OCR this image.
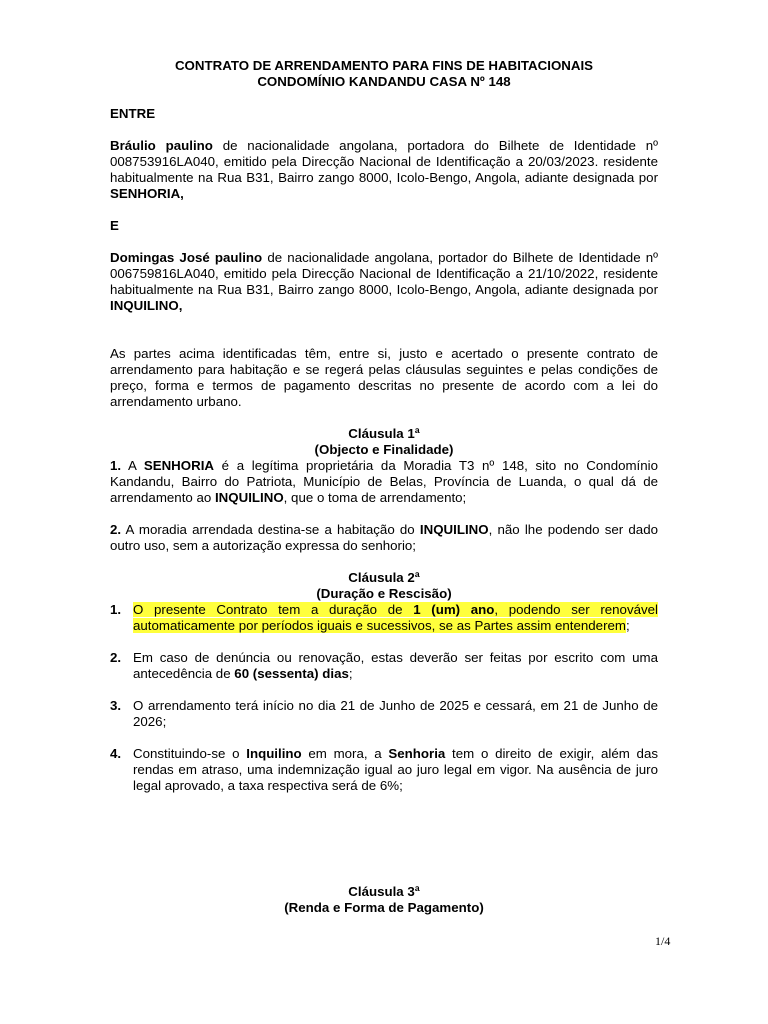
CONTRATO DE ARRENDAMENTO PARA FINS DE HABITACIONAIS

CONDOMÍNIO KANDANDU CASA Nº 148

ENTRE

Bráulio paulino de nacionalidade angolana, portadora do Bilhete de Identidade nº 008753916LA040, emitido pela Direcção Nacional de Identificação a 20/03/2023. residente habitualmente na Rua B31, Bairro zango 8000, Icolo-Bengo, Angola, adiante designada por SENHORIA,

E

Domingas José paulino de nacionalidade angolana, portador do Bilhete de Identidade nº 006759816LA040, emitido pela Direcção Nacional de Identificação a 21/10/2022, residente habitualmente na Rua B31, Bairro zango 8000, Icolo-Bengo, Angola, adiante designada por INQUILINO,

As partes acima identificadas têm, entre si, justo e acertado o presente contrato de arrendamento para habitação e se regerá pelas cláusulas seguintes e pelas condições de preço, forma e termos de pagamento descritas no presente de acordo com a lei do arrendamento urbano.

Cláusula 1ª

(Objecto e Finalidade)

1. A SENHORIA é a legítima proprietária da Moradia T3 nº 148, sito no Condomínio Kandandu, Bairro do Patriota, Município de Belas, Província de Luanda, o qual dá de arrendamento ao INQUILINO, que o toma de arrendamento;

2. A moradia arrendada destina-se a habitação do INQUILINO, não lhe podendo ser dado outro uso, sem a autorização expressa do senhorio;

Cláusula 2ª

(Duração e Rescisão)

1. O presente Contrato tem a duração de 1 (um) ano, podendo ser renovável automaticamente por períodos iguais e sucessivos, se as Partes assim entenderem;
2. Em caso de denúncia ou renovação, estas deverão ser feitas por escrito com uma antecedência de 60 (sessenta) dias;
3. O arrendamento terá início no dia 21 de Junho de 2025 e cessará, em 21 de Junho de 2026;
4. Constituindo-se o Inquilino em mora, a Senhoria tem o direito de exigir, além das rendas em atraso, uma indemnização igual ao juro legal em vigor. Na ausência de juro legal aprovado, a taxa respectiva será de 6%;

Cláusula 3ª

(Renda e Forma de Pagamento)

1/4
